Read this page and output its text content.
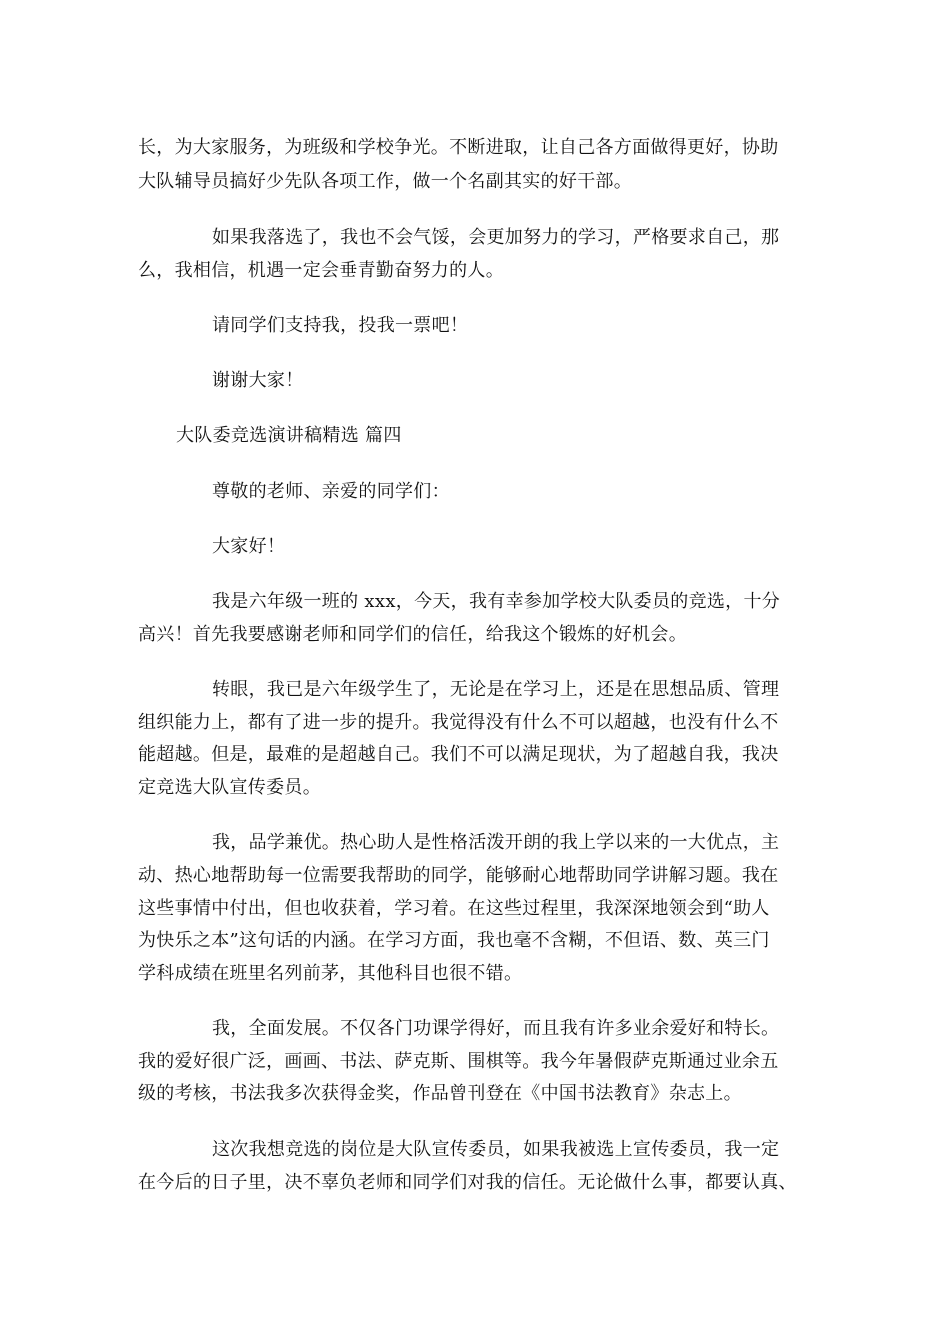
长，为大家服务，为班级和学校争光。不断进取，让自己各方面做得更好，协助
大队辅导员搞好少先队各项工作，做一个名副其实的好干部。
如果我落选了，我也不会气馁，会更加努力的学习，严格要求自己，那
么，我相信，机遇一定会垂青勤奋努力的人。
请同学们支持我，投我一票吧！
谢谢大家！
大队委竞选演讲稿精选 篇四
尊敬的老师、亲爱的同学们：
大家好！
我是六年级一班的 xxx，今天，我有幸参加学校大队委员的竞选，十分
高兴！首先我要感谢老师和同学们的信任，给我这个锻炼的好机会。
转眼，我已是六年级学生了，无论是在学习上，还是在思想品质、管理
组织能力上，都有了进一步的提升。我觉得没有什么不可以超越，也没有什么不
能超越。但是，最难的是超越自己。我们不可以满足现状，为了超越自我，我决
定竞选大队宣传委员。
我，品学兼优。热心助人是性格活泼开朗的我上学以来的一大优点，主
动、热心地帮助每一位需要我帮助的同学，能够耐心地帮助同学讲解习题。我在
这些事情中付出，但也收获着，学习着。在这些过程里，我深深地领会到“助人
为快乐之本”这句话的内涵。在学习方面，我也毫不含糊，不但语、数、英三门
学科成绩在班里名列前茅，其他科目也很不错。
我，全面发展。不仅各门功课学得好，而且我有许多业余爱好和特长。
我的爱好很广泛，画画、书法、萨克斯、围棋等。我今年暑假萨克斯通过业余五
级的考核，书法我多次获得金奖，作品曾刊登在《中国书法教育》杂志上。
这次我想竞选的岗位是大队宣传委员，如果我被选上宣传委员，我一定
在今后的日子里，决不辜负老师和同学们对我的信任。无论做什么事，都要认真、
